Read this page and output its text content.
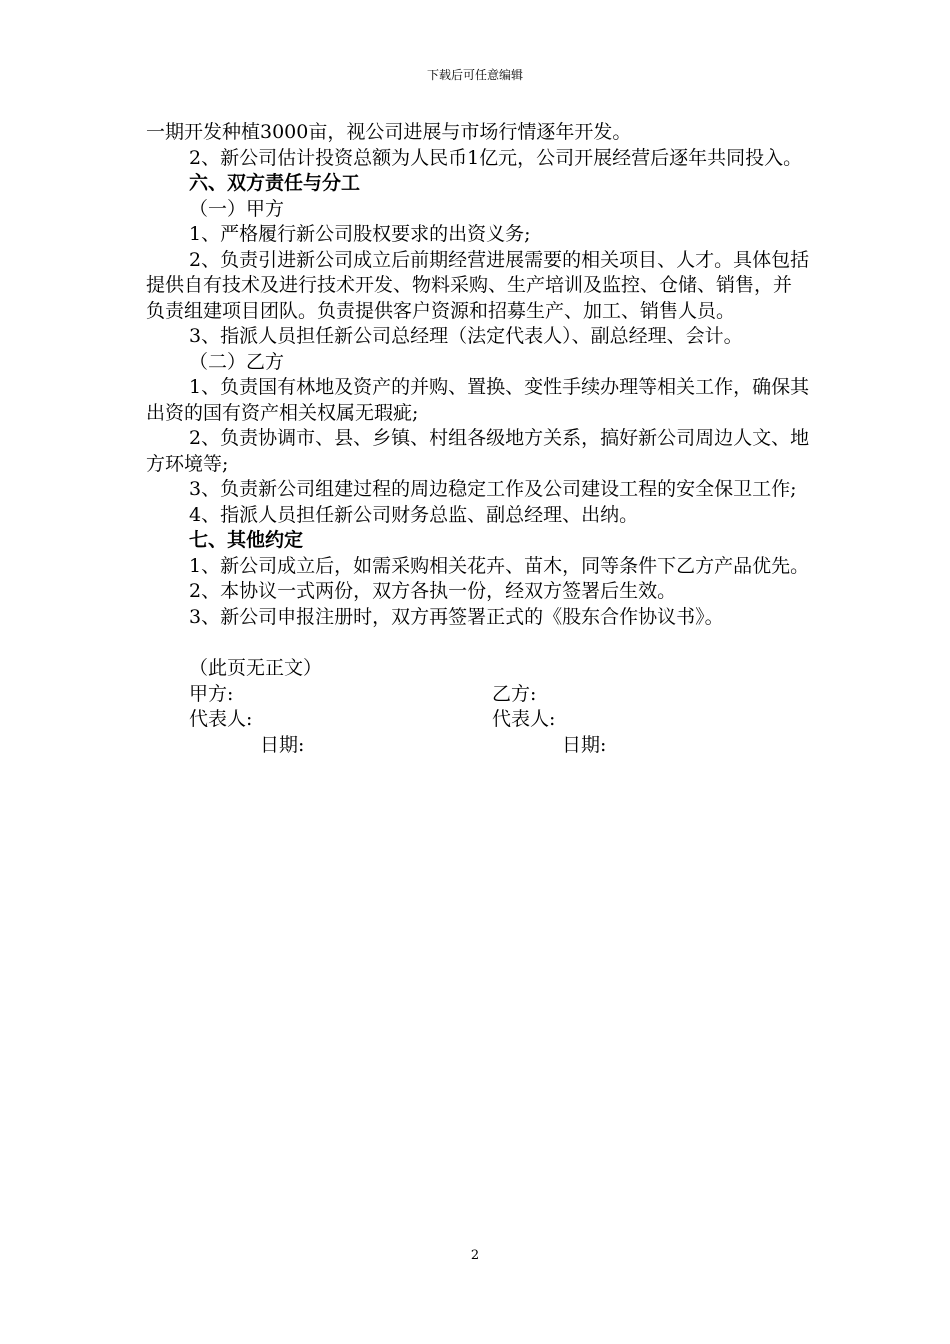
下载后可任意编辑

一期开发种植3000亩，视公司进展与市场行情逐年开发。

2、新公司估计投资总额为人民币1亿元，公司开展经营后逐年共同投入。

六、双方责任与分工

（一）甲方

1、严格履行新公司股权要求的出资义务;

2、负责引进新公司成立后前期经营进展需要的相关项目、人才。具体包括提供自有技术及进行技术开发、物料采购、生产培训及监控、仓储、销售，并负责组建项目团队。负责提供客户资源和招募生产、加工、销售人员。

3、指派人员担任新公司总经理（法定代表人）、副总经理、会计。

（二）乙方

1、负责国有林地及资产的并购、置换、变性手续办理等相关工作，确保其出资的国有资产相关权属无瑕疵;

2、负责协调市、县、乡镇、村组各级地方关系，搞好新公司周边人文、地方环境等;

3、负责新公司组建过程的周边稳定工作及公司建设工程的安全保卫工作;

4、指派人员担任新公司财务总监、副总经理、出纳。

七、其他约定

1、新公司成立后，如需采购相关花卉、苗木，同等条件下乙方产品优先。

2、本协议一式两份，双方各执一份，经双方签署后生效。

3、新公司申报注册时，双方再签署正式的《股东合作协议书》。

（此页无正文）

甲方:	乙方:
代表人:	代表人:
日期:	日期:
2
